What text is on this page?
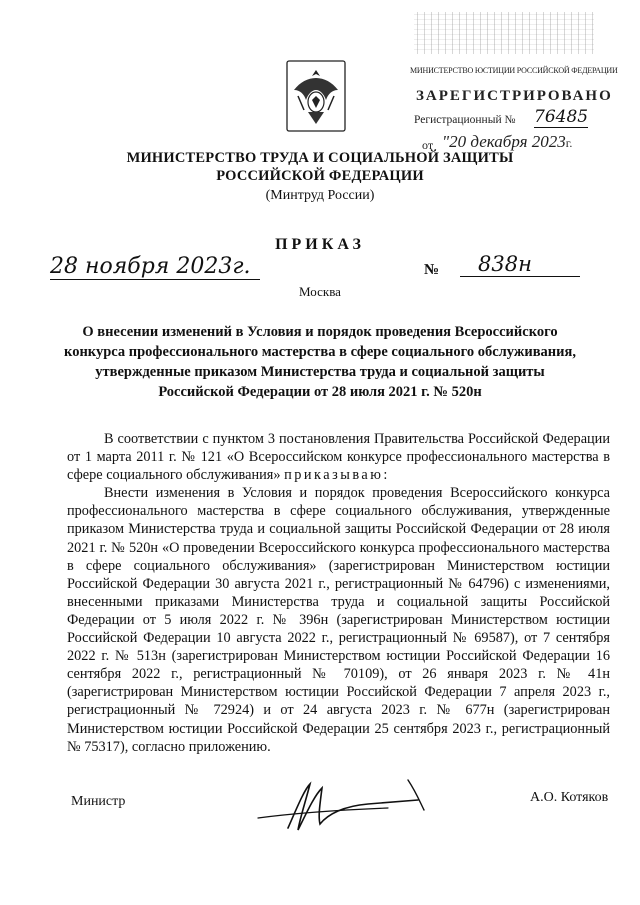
МИНИСТЕРСТВО ЮСТИЦИИ РОССИЙСКОЙ ФЕДЕРАЦИИ
ЗАРЕГИСТРИРОВАНО
Регистрационный № 76485
от "20 декабря 2023г.
МИНИСТЕРСТВО ТРУДА И СОЦИАЛЬНОЙ ЗАЩИТЫ
РОССИЙСКОЙ ФЕДЕРАЦИИ
(Минтруд России)
ПРИКАЗ
28 ноября 2023г.	№	838н
Москва
О внесении изменений в Условия и порядок проведения Всероссийского конкурса профессионального мастерства в сфере социального обслуживания, утвержденные приказом Министерства труда и социальной защиты Российской Федерации от 28 июля 2021 г. № 520н

В соответствии с пунктом 3 постановления Правительства Российской Федерации от 1 марта 2011 г. № 121 «О Всероссийском конкурсе профессионального мастерства в сфере социального обслуживания» приказываю:

Внести изменения в Условия и порядок проведения Всероссийского конкурса профессионального мастерства в сфере социального обслуживания, утвержденные приказом Министерства труда и социальной защиты Российской Федерации от 28 июля 2021 г. № 520н «О проведении Всероссийского конкурса профессионального мастерства в сфере социального обслуживания» (зарегистрирован Министерством юстиции Российской Федерации 30 августа 2021 г., регистрационный № 64796) с изменениями, внесенными приказами Министерства труда и социальной защиты Российской Федерации от 5 июля 2022 г. № 396н (зарегистрирован Министерством юстиции Российской Федерации 10 августа 2022 г., регистрационный № 69587), от 7 сентября 2022 г. № 513н (зарегистрирован Министерством юстиции Российской Федерации 16 сентября 2022 г., регистрационный № 70109), от 26 января 2023 г. № 41н (зарегистрирован Министерством юстиции Российской Федерации 7 апреля 2023 г., регистрационный № 72924) и от 24 августа 2023 г. № 677н (зарегистрирован Министерством юстиции Российской Федерации 25 сентября 2023 г., регистрационный № 75317), согласно приложению.

Министр	А.О. Котяков
